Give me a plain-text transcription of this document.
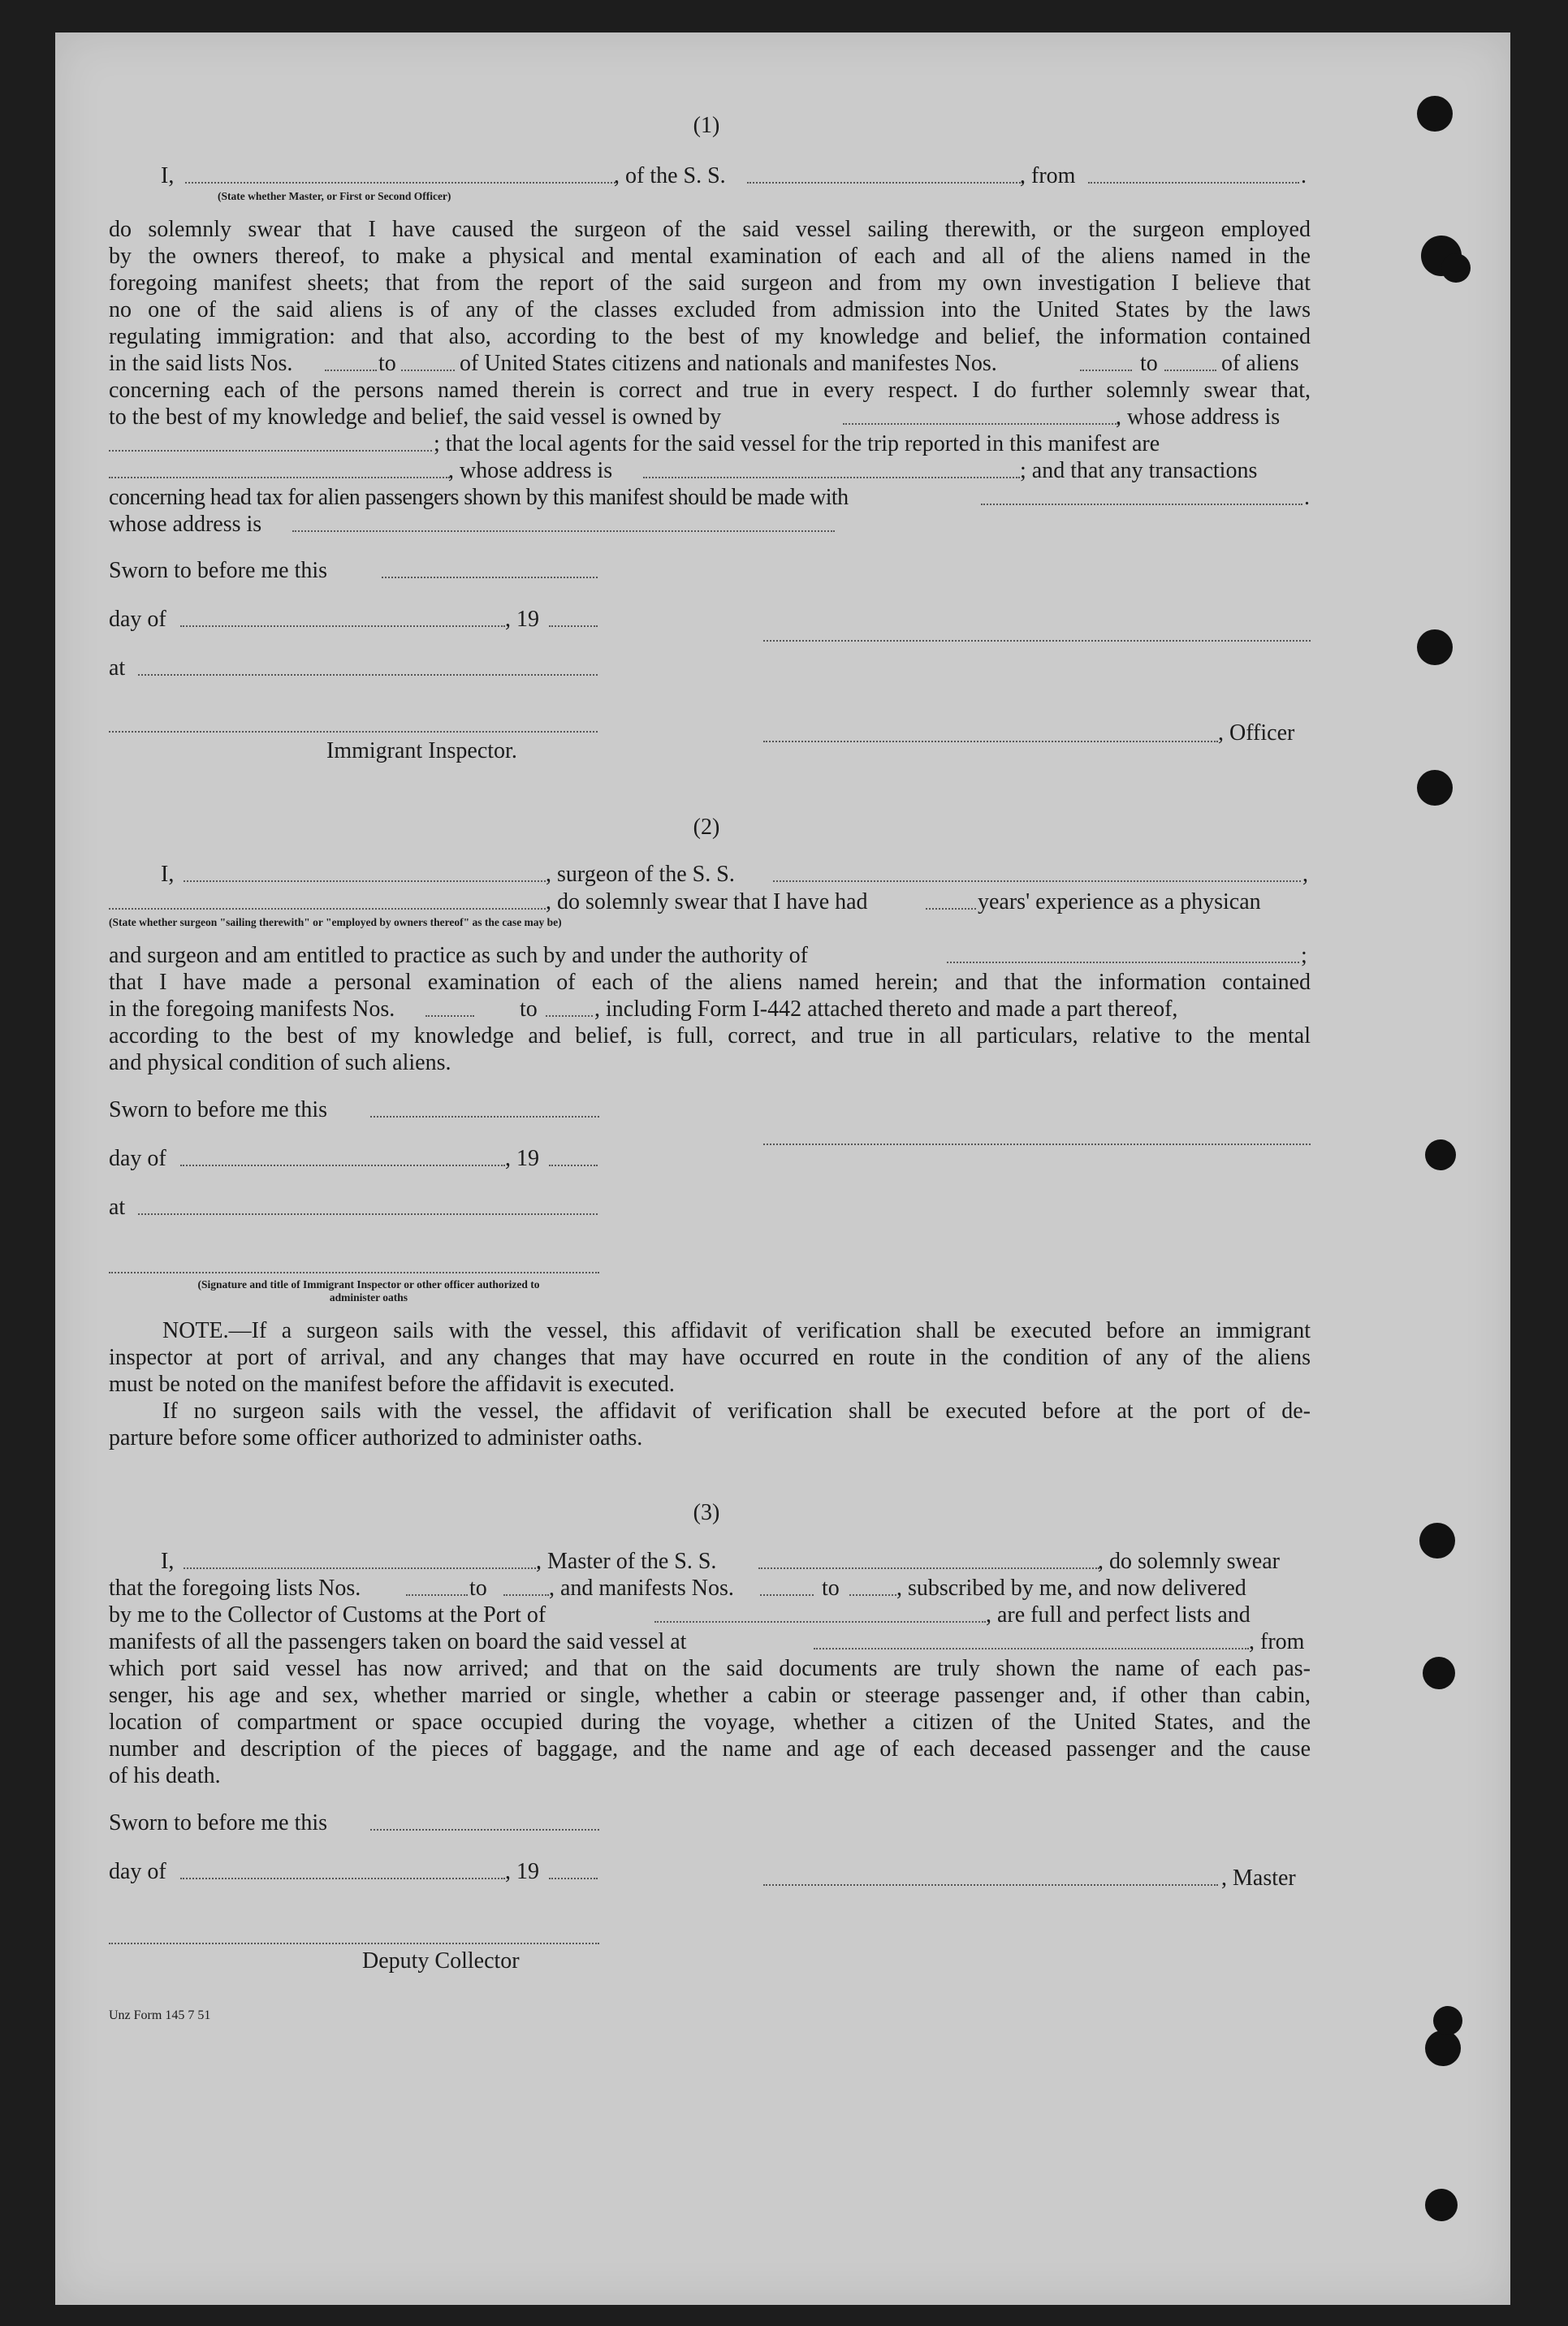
(1)
I,
(State whether Master, or First or Second Officer)
, of the S. S.	, from	.
do solemnly swear that I have caused the surgeon of the said vessel sailing therewith, or the surgeon employed
by the owners thereof, to make a physical and mental examination of each and all of the aliens named in the
foregoing manifest sheets; that from the report of the said surgeon and from my own investigation I believe that
no one of the said aliens is of any of the classes excluded from admission into the United States by the laws
regulating immigration: and that also, according to the best of my knowledge and belief, the information contained
in the said lists Nos.	to	of United States citizens and nationals and manifestes Nos.	to	of aliens
concerning each of the persons named therein is correct and true in every respect. I do further solemnly swear that,
to the best of my knowledge and belief, the said vessel is owned by	, whose address is
; that the local agents for the said vessel for the trip reported in this manifest are
, whose address is	; and that any transactions
concerning head tax for alien passengers shown by this manifest should be made with	.
whose address is
Sworn to before me this
day of	, 19
at
, Officer
Immigrant Inspector.
(2)
I,	, surgeon of the S. S.	,
, do solemnly swear that I have had	years' experience as a physican
(State whether surgeon "sailing therewith" or "employed by owners thereof" as the case may be)
and surgeon and am entitled to practice as such by and under the authority of	;
that I have made a personal examination of each of the aliens named herein; and that the information contained
in the foregoing manifests Nos.	to	, including Form I-442 attached thereto and made a part thereof,
according to the best of my knowledge and belief, is full, correct, and true in all particulars, relative to the mental
and physical condition of such aliens.
Sworn to before me this
day of	, 19
at
(Signature and title of Immigrant Inspector or other officer authorized to administer oaths
NOTE.—If a surgeon sails with the vessel, this affidavit of verification shall be executed before an immigrant
inspector at port of arrival, and any changes that may have occurred en route in the condition of any of the aliens
must be noted on the manifest before the affidavit is executed.
If no surgeon sails with the vessel, the affidavit of verification shall be executed before at the port of de-
parture before some officer authorized to administer oaths.
(3)
I,	, Master of the S. S.	, do solemnly swear
that the foregoing lists Nos.	to	, and manifests Nos.	to	, subscribed by me, and now delivered
by me to the Collector of Customs at the Port of	, are full and perfect lists and
manifests of all the passengers taken on board the said vessel at	, from
which port said vessel has now arrived; and that on the said documents are truly shown the name of each pas-
senger, his age and sex, whether married or single, whether a cabin or steerage passenger and, if other than cabin,
location of compartment or space occupied during the voyage, whether a citizen of the United States, and the
number and description of the pieces of baggage, and the name and age of each deceased passenger and the cause
of his death.
Sworn to before me this
day of	, 19	, Master
Deputy Collector
Unz Form 145 7 51
